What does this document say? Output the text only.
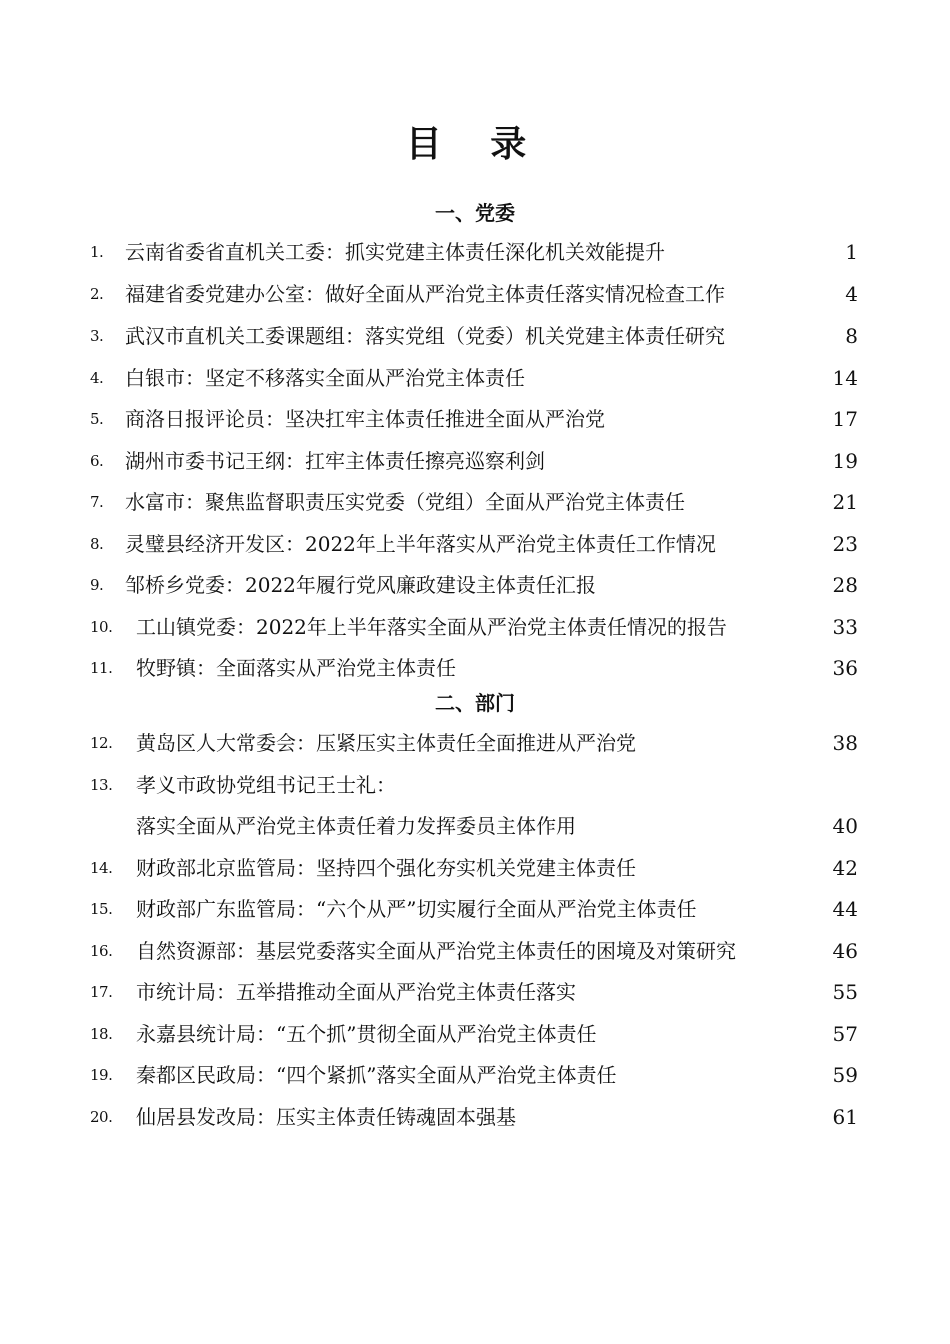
目 录
一、党委
1. 云南省委省直机关工委：抓实党建主体责任深化机关效能提升	1
2. 福建省委党建办公室：做好全面从严治党主体责任落实情况检查工作	4
3. 武汉市直机关工委课题组：落实党组（党委）机关党建主体责任研究	8
4. 白银市：坚定不移落实全面从严治党主体责任	14
5. 商洛日报评论员：坚决扛牢主体责任推进全面从严治党	17
6. 湖州市委书记王纲：扛牢主体责任擦亮巡察利剑	19
7. 水富市：聚焦监督职责压实党委（党组）全面从严治党主体责任	21
8. 灵璧县经济开发区：2022年上半年落实从严治党主体责任工作情况	23
9. 邹桥乡党委：2022年履行党风廉政建设主体责任汇报	28
10. 工山镇党委：2022年上半年落实全面从严治党主体责任情况的报告	33
11. 牧野镇：全面落实从严治党主体责任	36
二、部门
12. 黄岛区人大常委会：压紧压实主体责任全面推进从严治党	38
13. 孝义市政协党组书记王士礼：
落实全面从严治党主体责任着力发挥委员主体作用	40
14. 财政部北京监管局：坚持四个强化夯实机关党建主体责任	42
15. 财政部广东监管局：“六个从严”切实履行全面从严治党主体责任	44
16. 自然资源部：基层党委落实全面从严治党主体责任的困境及对策研究	46
17. 市统计局：五举措推动全面从严治党主体责任落实	55
18. 永嘉县统计局：“五个抓”贯彻全面从严治党主体责任	57
19. 秦都区民政局：“四个紧抓”落实全面从严治党主体责任	59
20. 仙居县发改局：压实主体责任铸魂固本强基	61
